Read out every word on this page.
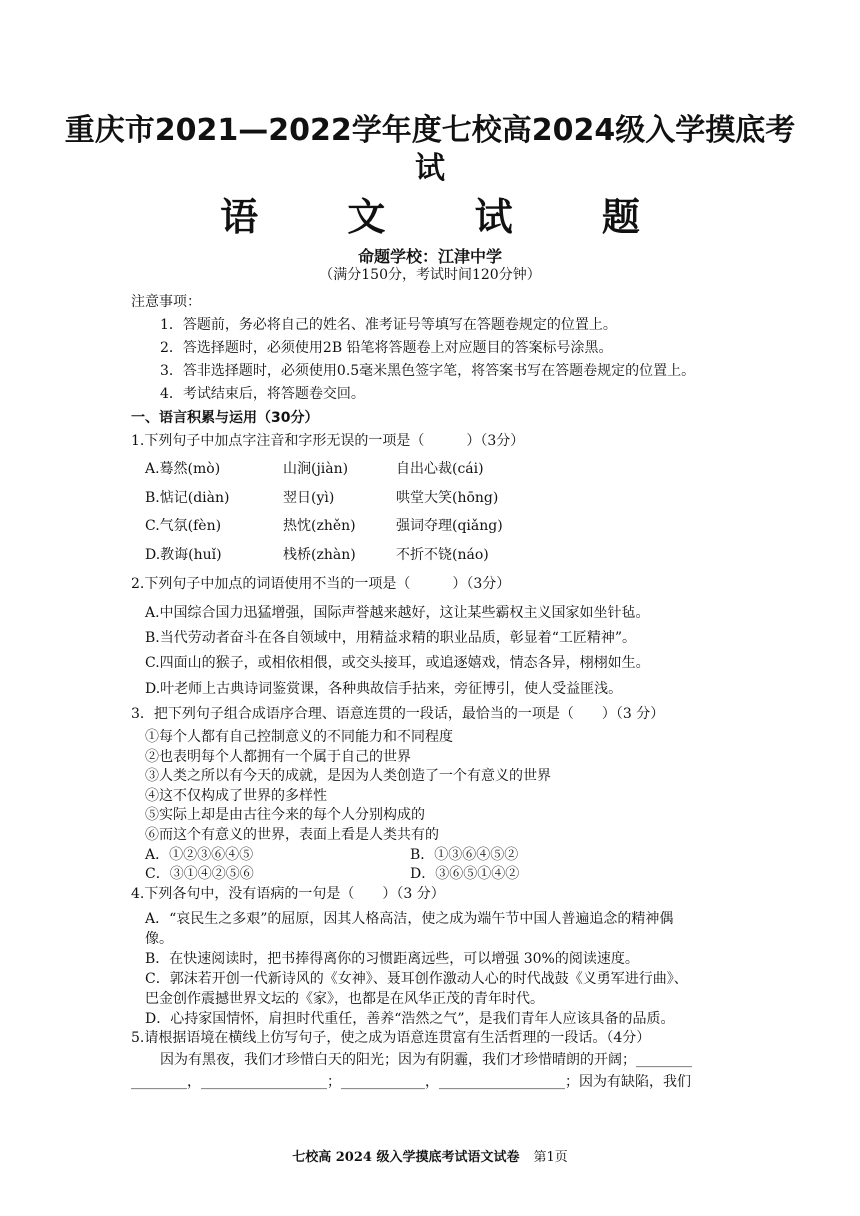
重庆市2021—2022学年度七校高2024级入学摸底考
试
语 文 试 题
命题学校：江津中学
（满分150分，考试时间120分钟）
注意事项：
1．答题前，务必将自己的姓名、准考证号等填写在答题卷规定的位置上。
2．答选择题时，必须使用2B 铅笔将答题卷上对应题目的答案标号涂黑。
3．答非选择题时，必须使用0.5毫米黑色签字笔，将答案书写在答题卷规定的位置上。
4．考试结束后，将答题卷交回。
一、语言积累与运用（30分）
1.下列句子中加点字注音和字形无误的一项是（　　　）（3分）
A.蓦然(mò)	山涧(jiàn)	自出心裁(cái)
B.惦记(diàn)	翌日(yì)	哄堂大笑(hōng)
C.气氛(fèn)	热忱(zhěn)	强词夺理(qiǎng)
D.教诲(huǐ)	栈桥(zhàn)	不折不铙(náo)
2.下列句子中加点的词语使用不当的一项是（　　　）（3分）
A.中国综合国力迅猛增强，国际声誉越来越好，这让某些霸权主义国家如坐针毡。
B.当代劳动者奋斗在各自领域中，用精益求精的职业品质，彰显着“工匠精神”。
C.四面山的猴子，或相依相偎，或交头接耳，或追逐嬉戏，情态各异，栩栩如生。
D.叶老师上古典诗词鉴赏课，各种典故信手拈来，旁征博引，使人受益匪浅。
3．把下列句子组合成语序合理、语意连贯的一段话，最恰当的一项是（　　）（3 分）
①每个人都有自己控制意义的不同能力和不同程度
②也表明每个人都拥有一个属于自己的世界
③人类之所以有今天的成就，是因为人类创造了一个有意义的世界
④这不仅构成了世界的多样性
⑤实际上却是由古往今来的每个人分别构成的
⑥而这个有意义的世界，表面上看是人类共有的
A．①②③⑥④⑤	B．①③⑥④⑤②
C．③①④②⑤⑥	D．③⑥⑤①④②
4.下列各句中，没有语病的一句是（　　）（3 分）
A．“哀民生之多艰”的屈原，因其人格高洁，使之成为端午节中国人普遍追念的精神偶
像。
B．在快速阅读时，把书捧得离你的习惯距离远些，可以增强 30%的阅读速度。
C．郭沫若开创一代新诗风的《女神》、聂耳创作激动人心的时代战鼓《义勇军进行曲》、
巴金创作震撼世界文坛的《家》，也都是在风华正茂的青年时代。
D．心持家国情怀，肩担时代重任，善养“浩然之气”，是我们青年人应该具备的品质。
5.请根据语境在横线上仿写句子，使之成为语意连贯富有生活哲理的一段话。（4分）
因为有黑夜，我们才珍惜白天的阳光；因为有阴霾，我们才珍惜晴朗的开阔；________
________，__________________；____________，__________________；因为有缺陷，我们
七校高 2024 级入学摸底考试语文试卷 第1页
